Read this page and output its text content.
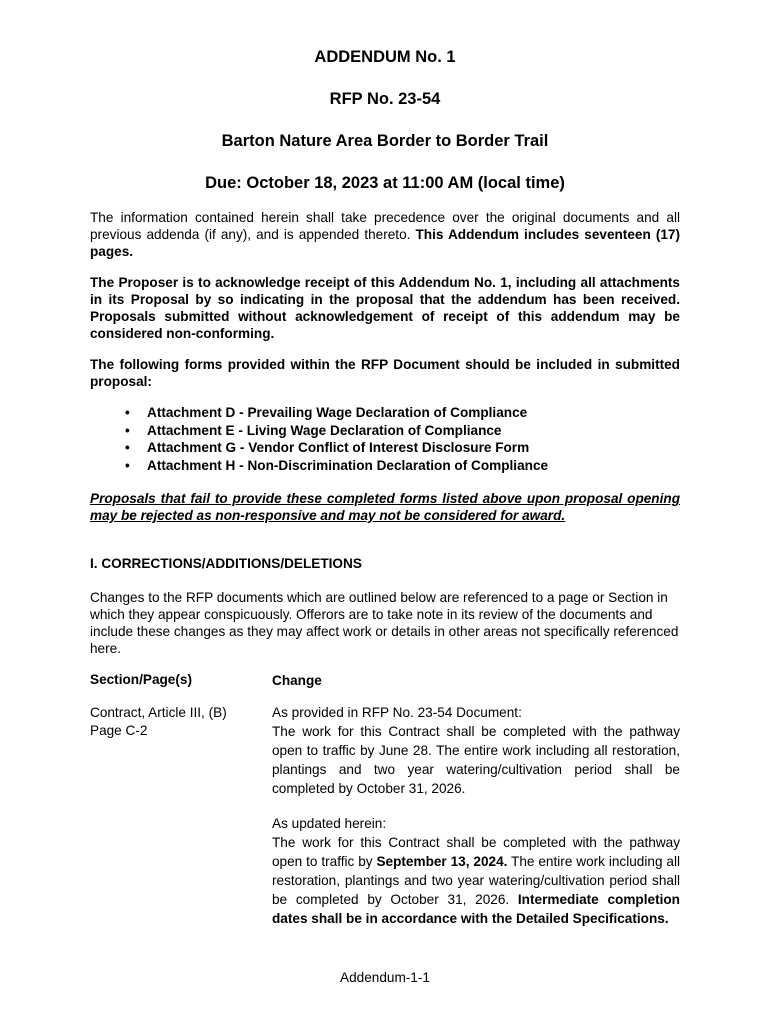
ADDENDUM No. 1
RFP No. 23-54
Barton Nature Area Border to Border Trail
Due: October 18, 2023 at 11:00 AM (local time)
The information contained herein shall take precedence over the original documents and all previous addenda (if any), and is appended thereto. This Addendum includes seventeen (17) pages.
The Proposer is to acknowledge receipt of this Addendum No. 1, including all attachments in its Proposal by so indicating in the proposal that the addendum has been received. Proposals submitted without acknowledgement of receipt of this addendum may be considered non-conforming.
The following forms provided within the RFP Document should be included in submitted proposal:
• Attachment D - Prevailing Wage Declaration of Compliance
• Attachment E - Living Wage Declaration of Compliance
• Attachment G - Vendor Conflict of Interest Disclosure Form
• Attachment H - Non-Discrimination Declaration of Compliance
Proposals that fail to provide these completed forms listed above upon proposal opening may be rejected as non-responsive and may not be considered for award.
I. CORRECTIONS/ADDITIONS/DELETIONS
Changes to the RFP documents which are outlined below are referenced to a page or Section in which they appear conspicuously. Offerors are to take note in its review of the documents and include these changes as they may affect work or details in other areas not specifically referenced here.
Section/Page(s)	Change
Contract, Article III, (B)
Page C-2
As provided in RFP No. 23-54 Document:
The work for this Contract shall be completed with the pathway open to traffic by June 28. The entire work including all restoration, plantings and two year watering/cultivation period shall be completed by October 31, 2026.
As updated herein:
The work for this Contract shall be completed with the pathway open to traffic by September 13, 2024. The entire work including all restoration, plantings and two year watering/cultivation period shall be completed by October 31, 2026. Intermediate completion dates shall be in accordance with the Detailed Specifications.
Addendum-1-1
